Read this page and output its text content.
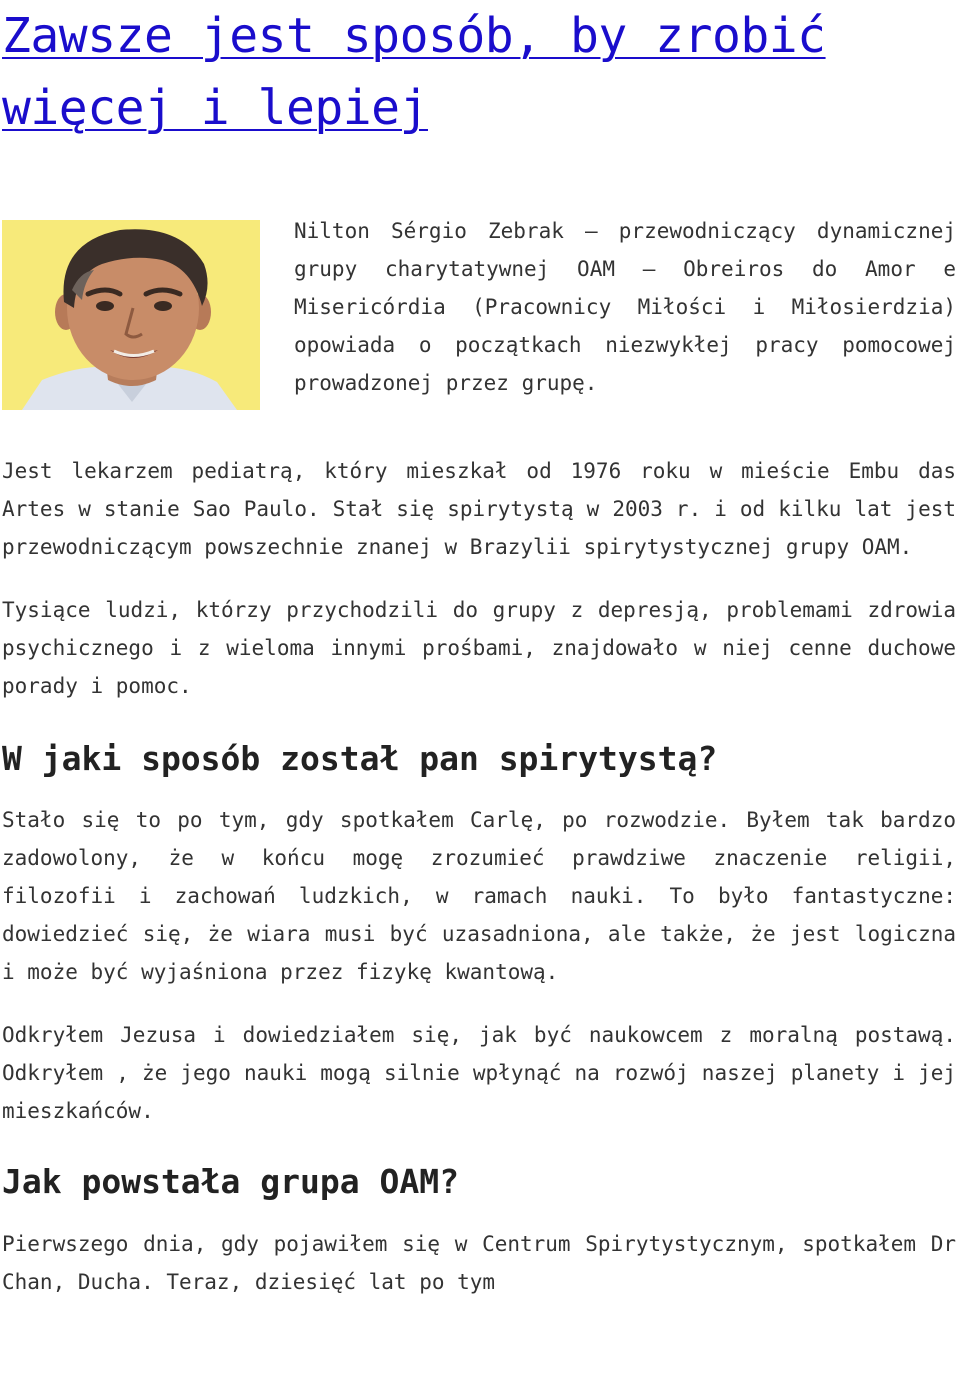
Zawsze jest sposób, by zrobić więcej i lepiej

Nilton Sérgio Zebrak – przewodniczący dynamicznej grupy charytatywnej OAM – Obreiros do Amor e Misericórdia (Pracownicy Miłości i Miłosierdzia) opowiada o początkach niezwykłej pracy pomocowej prowadzonej przez grupę.

Jest lekarzem pediatrą, który mieszkał od 1976 roku w mieście Embu das Artes w stanie Sao Paulo. Stał się spirytystą w 2003 r. i od kilku lat jest przewodniczącym powszechnie znanej w Brazylii spirytystycznej grupy OAM.

Tysiące ludzi, którzy przychodzili do grupy z depresją, problemami zdrowia psychicznego i z wieloma innymi prośbami, znajdowało w niej cenne duchowe porady i pomoc.

W jaki sposób został pan spirytystą?

Stało się to po tym, gdy spotkałem Carlę, po rozwodzie. Byłem tak bardzo zadowolony, że w końcu mogę zrozumieć prawdziwe znaczenie religii, filozofii i zachowań ludzkich, w ramach nauki. To było fantastyczne: dowiedzieć się, że wiara musi być uzasadniona, ale także, że jest logiczna i może być wyjaśniona przez fizykę kwantową.

Odkryłem Jezusa i dowiedziałem się, jak być naukowcem z moralną postawą. Odkryłem , że jego nauki mogą silnie wpłynąć na rozwój naszej planety i jej mieszkańców.

Jak powstała grupa OAM?

Pierwszego dnia, gdy pojawiłem się w Centrum Spirytystycznym, spotkałem Dr Chan, Ducha. Teraz, dziesięć lat po tym
